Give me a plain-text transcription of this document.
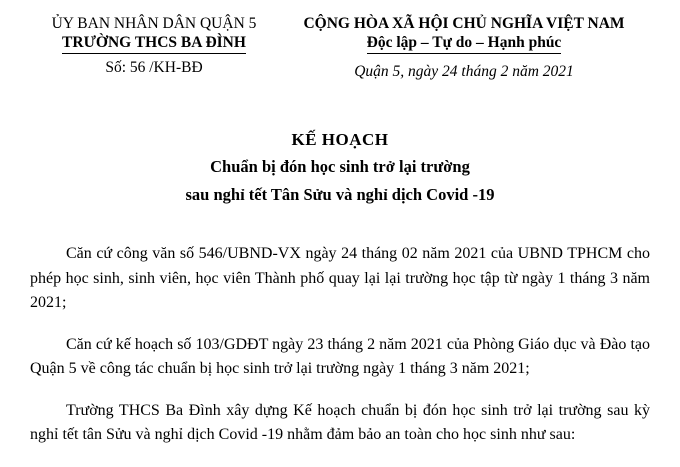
ỦY BAN NHÂN DÂN QUẬN 5
TRƯỜNG THCS BA ĐÌNH
Số: 56 /KH-BĐ
CỘNG HÒA XÃ HỘI CHỦ NGHĨA VIỆT NAM
Độc lập – Tự do – Hạnh phúc
Quận 5, ngày 24 tháng 2 năm 2021
KẾ HOẠCH
Chuẩn bị đón học sinh trở lại trường
sau nghỉ tết Tân Sửu và nghỉ dịch Covid -19

Căn cứ công văn số 546/UBND-VX ngày 24 tháng 02 năm 2021 của UBND TPHCM cho phép học sinh, sinh viên, học viên Thành phố quay lại lại trường học tập từ ngày 1 tháng 3 năm 2021;

Căn cứ kế hoạch số 103/GDĐT ngày 23 tháng 2 năm 2021 của Phòng Giáo dục và Đào tạo Quận 5 về công tác chuẩn bị học sinh trở lại trường ngày 1 tháng 3 năm 2021;

Trường THCS Ba Đình xây dựng Kế hoạch chuẩn bị đón học sinh trở lại trường sau kỳ nghỉ tết tân Sửu và nghỉ dịch Covid -19 nhằm đảm bảo an toàn cho học sinh như sau:
